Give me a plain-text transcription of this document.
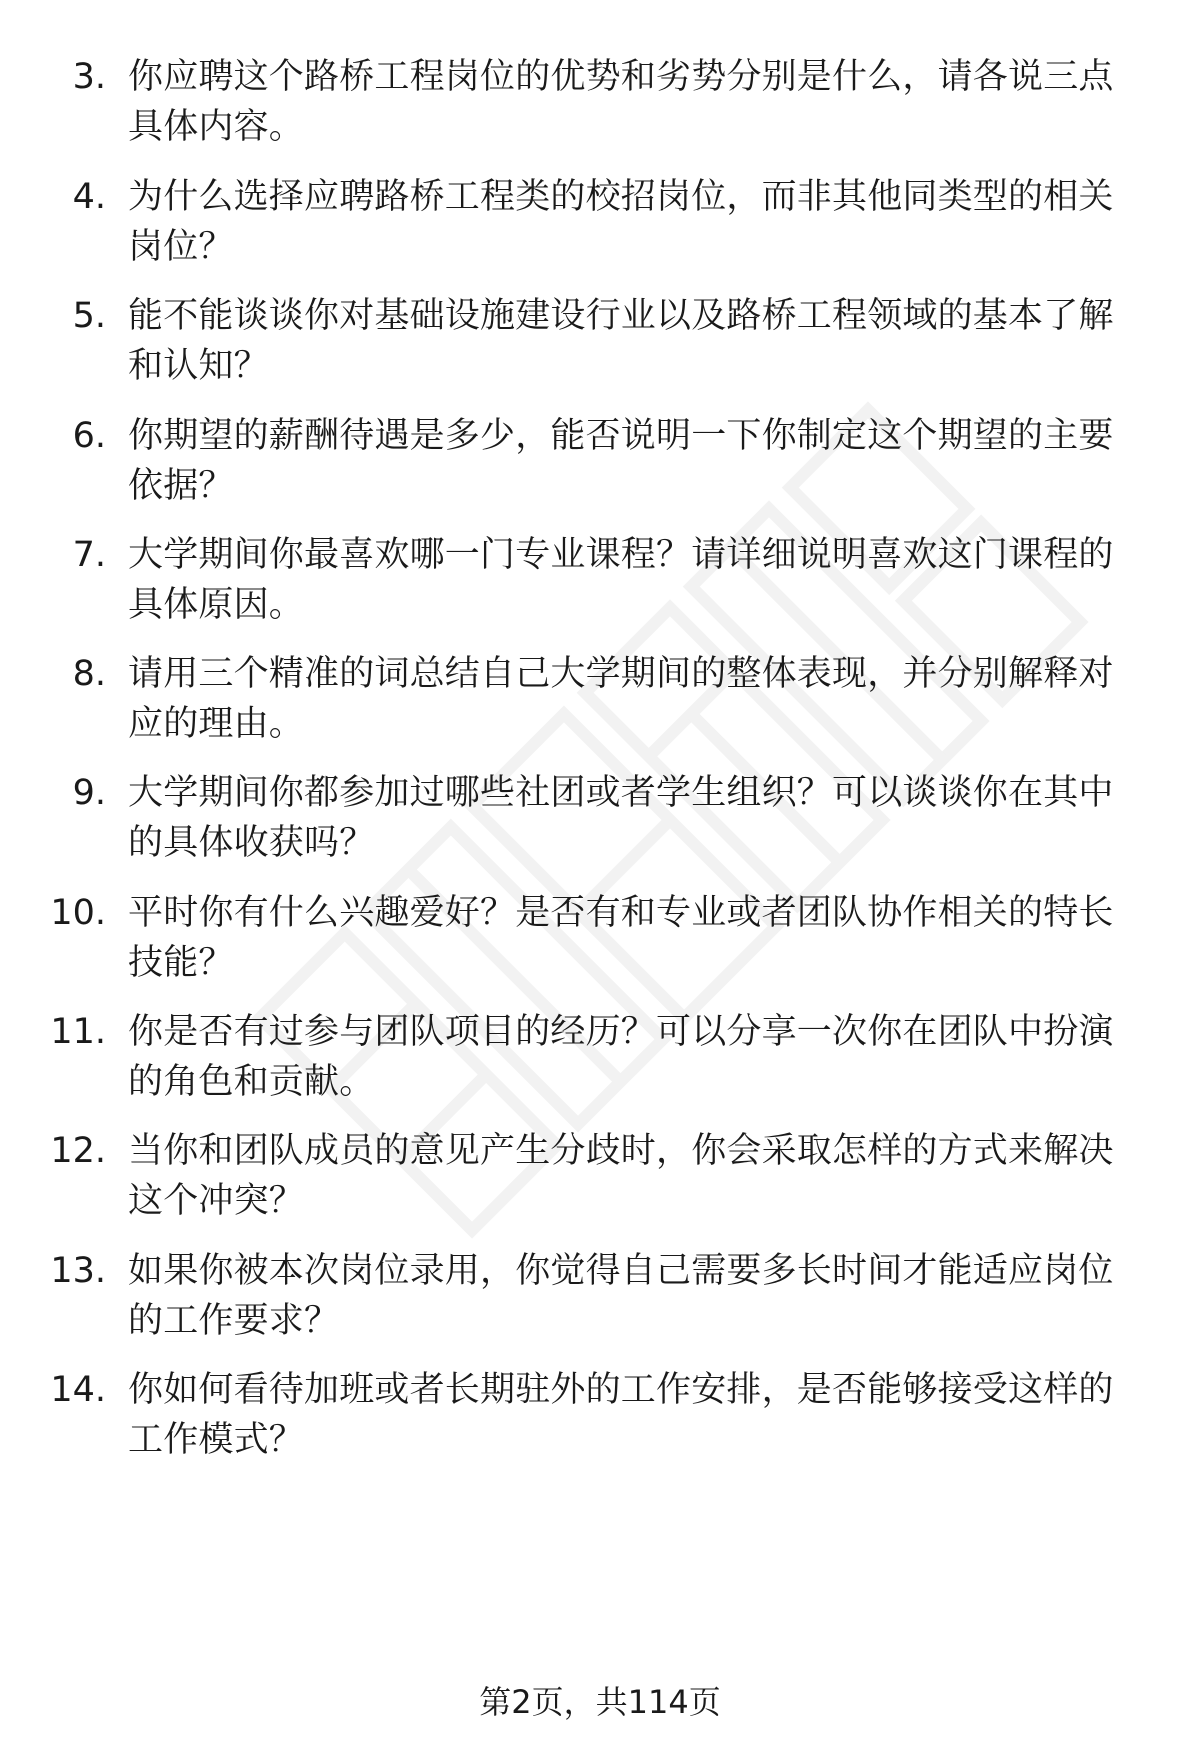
3. 你应聘这个路桥工程岗位的优势和劣势分别是什么，请各说三点具体内容。
4. 为什么选择应聘路桥工程类的校招岗位，而非其他同类型的相关岗位？
5. 能不能谈谈你对基础设施建设行业以及路桥工程领域的基本了解和认知？
6. 你期望的薪酬待遇是多少，能否说明一下你制定这个期望的主要依据？
7. 大学期间你最喜欢哪一门专业课程？请详细说明喜欢这门课程的具体原因。
8. 请用三个精准的词总结自己大学期间的整体表现，并分别解释对应的理由。
9. 大学期间你都参加过哪些社团或者学生组织？可以谈谈你在其中的具体收获吗？
10. 平时你有什么兴趣爱好？是否有和专业或者团队协作相关的特长技能？
11. 你是否有过参与团队项目的经历？可以分享一次你在团队中扮演的角色和贡献。
12. 当你和团队成员的意见产生分歧时，你会采取怎样的方式来解决这个冲突？
13. 如果你被本次岗位录用，你觉得自己需要多长时间才能适应岗位的工作要求？
14. 你如何看待加班或者长期驻外的工作安排，是否能够接受这样的工作模式？
第2页，共114页
